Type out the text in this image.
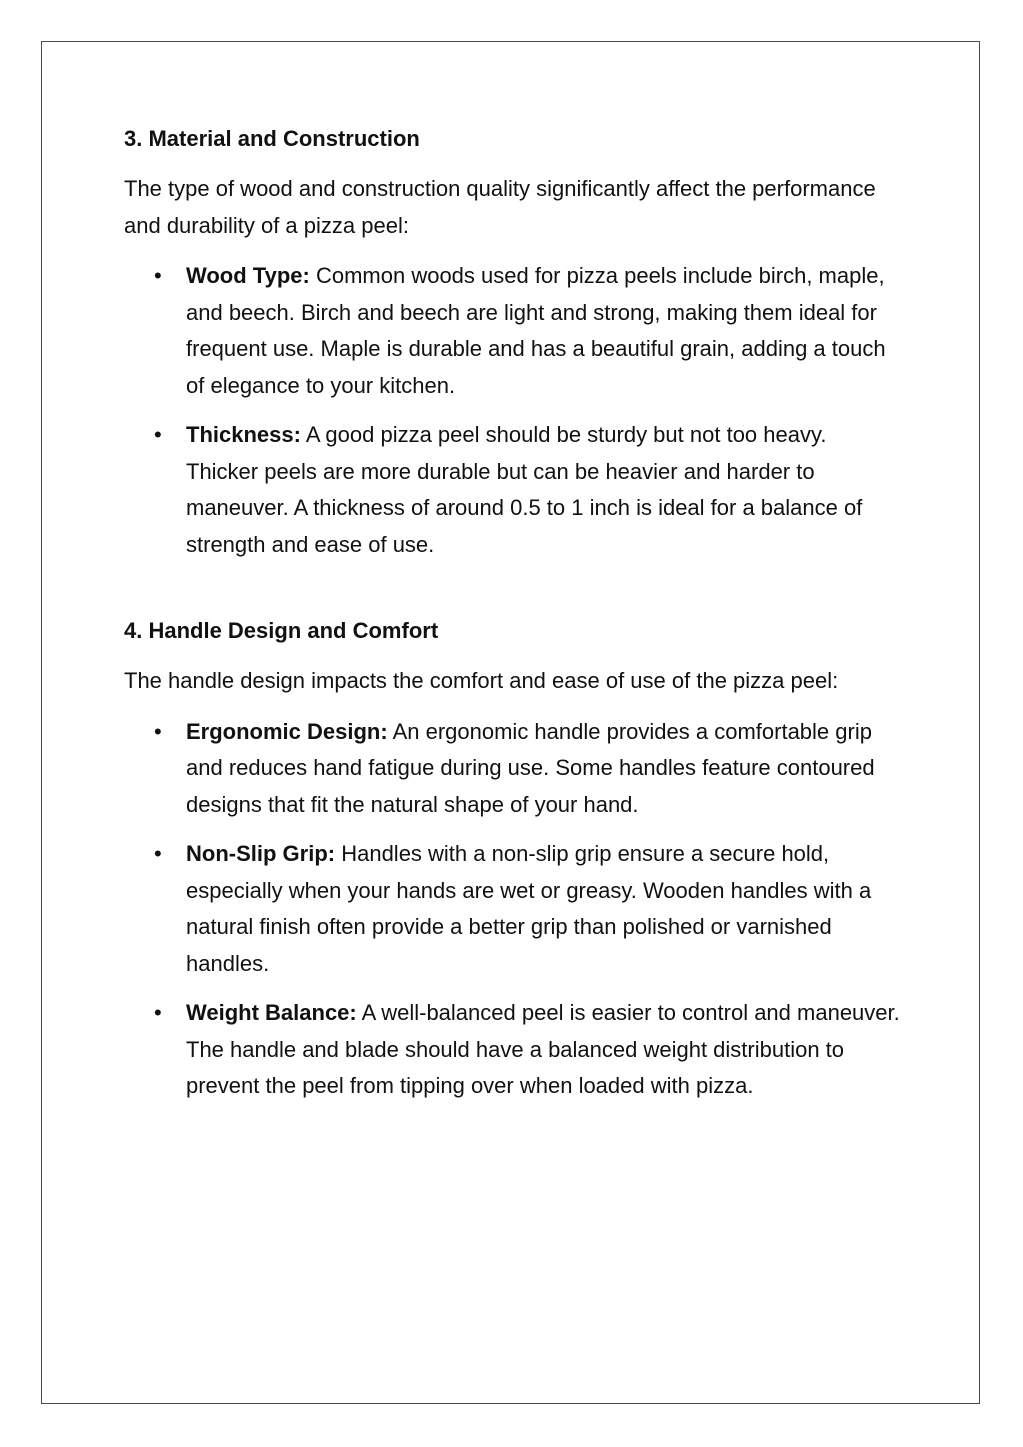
3. Material and Construction
The type of wood and construction quality significantly affect the performance and durability of a pizza peel:
• Wood Type: Common woods used for pizza peels include birch, maple, and beech. Birch and beech are light and strong, making them ideal for frequent use. Maple is durable and has a beautiful grain, adding a touch of elegance to your kitchen.
• Thickness: A good pizza peel should be sturdy but not too heavy. Thicker peels are more durable but can be heavier and harder to maneuver. A thickness of around 0.5 to 1 inch is ideal for a balance of strength and ease of use.
4. Handle Design and Comfort
The handle design impacts the comfort and ease of use of the pizza peel:
• Ergonomic Design: An ergonomic handle provides a comfortable grip and reduces hand fatigue during use. Some handles feature contoured designs that fit the natural shape of your hand.
• Non-Slip Grip: Handles with a non-slip grip ensure a secure hold, especially when your hands are wet or greasy. Wooden handles with a natural finish often provide a better grip than polished or varnished handles.
• Weight Balance: A well-balanced peel is easier to control and maneuver. The handle and blade should have a balanced weight distribution to prevent the peel from tipping over when loaded with pizza.
